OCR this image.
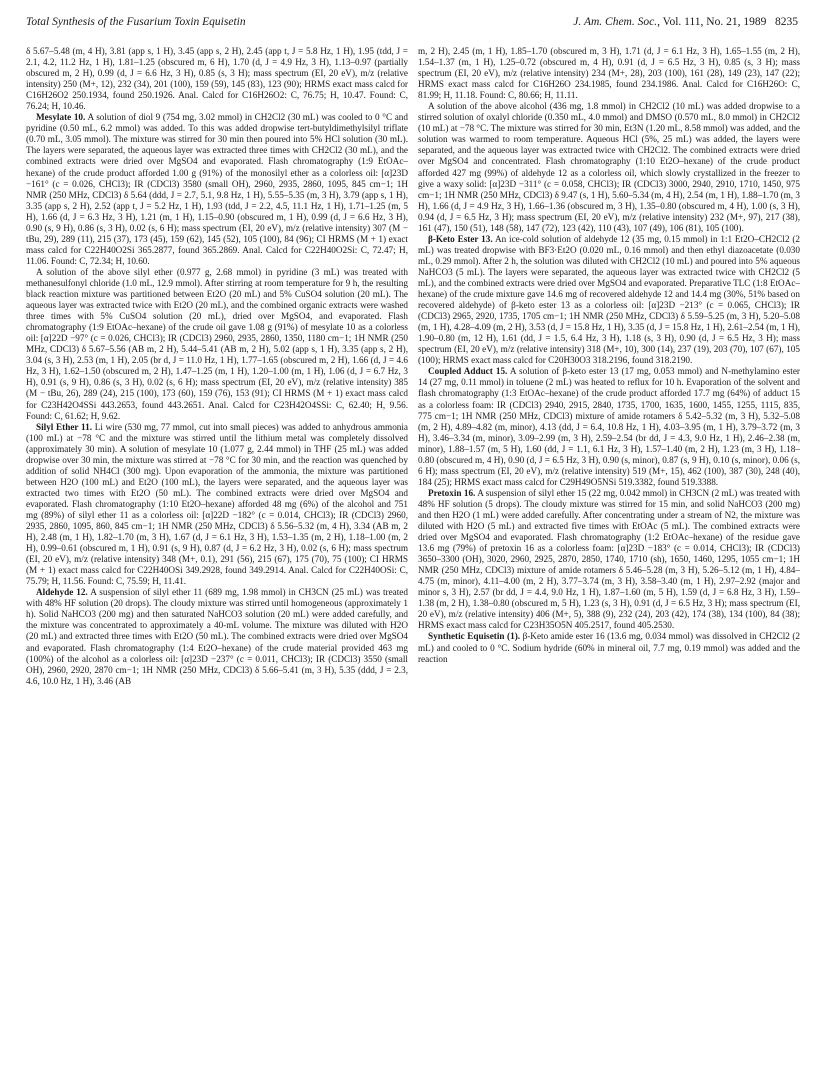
Total Synthesis of the Fusarium Toxin Equisetin	J. Am. Chem. Soc., Vol. 111, No. 21, 1989 8235

δ 5.67–5.48 (m, 4 H), 3.81 (app s, 1 H), 3.45 (app s, 2 H), 2.45 (app t, J = 5.8 Hz, 1 H), 1.95 (tdd, J = 2.1, 4.2, 11.2 Hz, 1 H), 1.81–1.25 (obscured m, 6 H), 1.70 (d, J = 4.9 Hz, 3 H), 1.13–0.97 (partially obscured m, 2 H), 0.99 (d, J = 6.6 Hz, 3 H), 0.85 (s, 3 H); mass spectrum (EI, 20 eV), m/z (relative intensity) 250 (M+, 12), 232 (34), 201 (100), 159 (59), 145 (83), 123 (90); HRMS exact mass calcd for C16H26O2 250.1934, found 250.1926. Anal. Calcd for C16H26O2: C, 76.75; H, 10.47. Found: C, 76.24; H, 10.46.

Mesylate 10. A solution of diol 9 (754 mg, 3.02 mmol) in CH2Cl2 (30 mL) was cooled to 0 °C and pyridine (0.50 mL, 6.2 mmol) was added. To this was added dropwise tert-butyldimethylsilyl triflate (0.70 mL, 3.05 mmol). The mixture was stirred for 30 min then poured into 5% HCl solution (30 mL). The layers were separated, the aqueous layer was extracted three times with CH2Cl2 (30 mL), and the combined extracts were dried over MgSO4 and evaporated. Flash chromatography (1:9 EtOAc–hexane) of the crude product afforded 1.00 g (91%) of the monosilyl ether as a colorless oil: [α]23D −161° (c = 0.026, CHCl3); IR (CDCl3) 3580 (small OH), 2960, 2935, 2860, 1095, 845 cm−1; 1H NMR (250 MHz, CDCl3) δ 5.64 (ddd, J = 2.7, 5.1, 9.8 Hz, 1 H), 5.55–5.35 (m, 3 H), 3.79 (app s, 1 H), 3.35 (app s, 2 H), 2.52 (app t, J = 5.2 Hz, 1 H), 1.93 (tdd, J = 2.2, 4.5, 11.1 Hz, 1 H), 1.71–1.25 (m, 5 H), 1.66 (d, J = 6.3 Hz, 3 H), 1.21 (m, 1 H), 1.15–0.90 (obscured m, 1 H), 0.99 (d, J = 6.6 Hz, 3 H), 0.90 (s, 9 H), 0.86 (s, 3 H), 0.02 (s, 6 H); mass spectrum (EI, 20 eV), m/z (relative intensity) 307 (M − tBu, 29), 289 (11), 215 (37), 173 (45), 159 (62), 145 (52), 105 (100), 84 (96); CI HRMS (M + 1) exact mass calcd for C22H40O2Si 365.2877, found 365.2869. Anal. Calcd for C22H40O2Si: C, 72.47; H, 11.06. Found: C, 72.34; H, 10.60.

A solution of the above silyl ether (0.977 g, 2.68 mmol) in pyridine (3 mL) was treated with methanesulfonyl chloride (1.0 mL, 12.9 mmol). After stirring at room temperature for 9 h, the resulting black reaction mixture was partitioned between Et2O (20 mL) and 5% CuSO4 solution (20 mL). The aqueous layer was extracted twice with Et2O (20 mL), and the combined organic extracts were washed three times with 5% CuSO4 solution (20 mL), dried over MgSO4, and evaporated. Flash chromatography (1:9 EtOAc–hexane) of the crude oil gave 1.08 g (91%) of mesylate 10 as a colorless oil: [α]22D −97° (c = 0.026, CHCl3); IR (CDCl3) 2960, 2935, 2860, 1350, 1180 cm−1; 1H NMR (250 MHz, CDCl3) δ 5.67–5.56 (AB m, 2 H), 5.44–5.41 (AB m, 2 H), 5.02 (app s, 1 H), 3.35 (app s, 2 H), 3.04 (s, 3 H), 2.53 (m, 1 H), 2.05 (br d, J = 11.0 Hz, 1 H), 1.77–1.65 (obscured m, 2 H), 1.66 (d, J = 4.6 Hz, 3 H), 1.62–1.50 (obscured m, 2 H), 1.47–1.25 (m, 1 H), 1.20–1.00 (m, 1 H), 1.06 (d, J = 6.7 Hz, 3 H), 0.91 (s, 9 H), 0.86 (s, 3 H), 0.02 (s, 6 H); mass spectrum (EI, 20 eV), m/z (relative intensity) 385 (M − tBu, 26), 289 (24), 215 (100), 173 (60), 159 (76), 153 (91); CI HRMS (M + 1) exact mass calcd for C23H42O4SSi 443.2653, found 443.2651. Anal. Calcd for C23H42O4SSi: C, 62.40; H, 9.56. Found: C, 61.62; H, 9.62.

Silyl Ether 11. Li wire (530 mg, 77 mmol, cut into small pieces) was added to anhydrous ammonia (100 mL) at −78 °C and the mixture was stirred until the lithium metal was completely dissolved (approximately 30 min). A solution of mesylate 10 (1.077 g, 2.44 mmol) in THF (25 mL) was added dropwise over 30 min, the mixture was stirred at −78 °C for 30 min, and the reaction was quenched by addition of solid NH4Cl (300 mg). Upon evaporation of the ammonia, the mixture was partitioned between H2O (100 mL) and Et2O (100 mL), the layers were separated, and the aqueous layer was extracted two times with Et2O (50 mL). The combined extracts were dried over MgSO4 and evaporated. Flash chromatography (1:10 Et2O–hexane) afforded 48 mg (6%) of the alcohol and 751 mg (89%) of silyl ether 11 as a colorless oil: [α]22D −182° (c = 0.014, CHCl3); IR (CDCl3) 2960, 2935, 2860, 1095, 860, 845 cm−1; 1H NMR (250 MHz, CDCl3) δ 5.56–5.32 (m, 4 H), 3.34 (AB m, 2 H), 2.48 (m, 1 H), 1.82–1.70 (m, 3 H), 1.67 (d, J = 6.1 Hz, 3 H), 1.53–1.35 (m, 2 H), 1.18–1.00 (m, 2 H), 0.99–0.61 (obscured m, 1 H), 0.91 (s, 9 H), 0.87 (d, J = 6.2 Hz, 3 H), 0.02 (s, 6 H); mass spectrum (EI, 20 eV), m/z (relative intensity) 348 (M+, 0.1), 291 (56), 215 (67), 175 (70), 75 (100); CI HRMS (M + 1) exact mass calcd for C22H40OSi 349.2928, found 349.2914. Anal. Calcd for C22H40OSi: C, 75.79; H, 11.56. Found: C, 75.59; H, 11.41.

Aldehyde 12. A suspension of silyl ether 11 (689 mg, 1.98 mmol) in CH3CN (25 mL) was treated with 48% HF solution (20 drops). The cloudy mixture was stirred until homogeneous (approximately 1 h). Solid NaHCO3 (200 mg) and then saturated NaHCO3 solution (20 mL) were added carefully, and the mixture was concentrated to approximately a 40-mL volume. The mixture was diluted with H2O (20 mL) and extracted three times with Et2O (50 mL). The combined extracts were dried over MgSO4 and evaporated. Flash chromatography (1:4 Et2O–hexane) of the crude material provided 463 mg (100%) of the alcohol as a colorless oil: [α]23D −237° (c = 0.011, CHCl3); IR (CDCl3) 3550 (small OH), 2960, 2920, 2870 cm−1; 1H NMR (250 MHz, CDCl3) δ 5.66–5.41 (m, 3 H), 5.35 (ddd, J = 2.3, 4.6, 10.0 Hz, 1 H), 3.46 (AB

m, 2 H), 2.45 (m, 1 H), 1.85–1.70 (obscured m, 3 H), 1.71 (d, J = 6.1 Hz, 3 H), 1.65–1.55 (m, 2 H), 1.54–1.37 (m, 1 H), 1.25–0.72 (obscured m, 4 H), 0.91 (d, J = 6.5 Hz, 3 H), 0.85 (s, 3 H); mass spectrum (EI, 20 eV), m/z (relative intensity) 234 (M+, 28), 203 (100), 161 (28), 149 (23), 147 (22); HRMS exact mass calcd for C16H26O 234.1985, found 234.1986. Anal. Calcd for C16H26O: C, 81.99; H, 11.18. Found: C, 80.66; H, 11.11.

A solution of the above alcohol (436 mg, 1.8 mmol) in CH2Cl2 (10 mL) was added dropwise to a stirred solution of oxalyl chloride (0.350 mL, 4.0 mmol) and DMSO (0.570 mL, 8.0 mmol) in CH2Cl2 (10 mL) at −78 °C. The mixture was stirred for 30 min, Et3N (1.20 mL, 8.58 mmol) was added, and the solution was warmed to room temperature. Aqueous HCl (5%, 25 mL) was added, the layers were separated, and the aqueous layer was extracted twice with CH2Cl2. The combined extracts were dried over MgSO4 and concentrated. Flash chromatography (1:10 Et2O–hexane) of the crude product afforded 427 mg (99%) of aldehyde 12 as a colorless oil, which slowly crystallized in the freezer to give a waxy solid: [α]23D −311° (c = 0.058, CHCl3); IR (CDCl3) 3000, 2940, 2910, 1710, 1450, 975 cm−1; 1H NMR (250 MHz, CDCl3) δ 9.47 (s, 1 H), 5.60–5.34 (m, 4 H), 2.54 (m, 1 H), 1.88–1.70 (m, 3 H), 1.66 (d, J = 4.9 Hz, 3 H), 1.66–1.36 (obscured m, 3 H), 1.35–0.80 (obscured m, 4 H), 1.00 (s, 3 H), 0.94 (d, J = 6.5 Hz, 3 H); mass spectrum (EI, 20 eV), m/z (relative intensity) 232 (M+, 97), 217 (38), 161 (47), 150 (51), 148 (58), 147 (72), 123 (42), 110 (43), 107 (49), 106 (81), 105 (100).

β-Keto Ester 13. An ice-cold solution of aldehyde 12 (35 mg, 0.15 mmol) in 1:1 Et2O–CH2Cl2 (2 mL) was treated dropwise with BF3·Et2O (0.020 mL, 0.16 mmol) and then ethyl diazoacetate (0.030 mL, 0.29 mmol). After 2 h, the solution was diluted with CH2Cl2 (10 mL) and poured into 5% aqueous NaHCO3 (5 mL). The layers were separated, the aqueous layer was extracted twice with CH2Cl2 (5 mL), and the combined extracts were dried over MgSO4 and evaporated. Preparative TLC (1:8 EtOAc–hexane) of the crude mixture gave 14.6 mg of recovered aldehyde 12 and 14.4 mg (30%, 51% based on recovered aldehyde) of β-keto ester 13 as a colorless oil: [α]23D −213° (c = 0.065, CHCl3); IR (CDCl3) 2965, 2920, 1735, 1705 cm−1; 1H NMR (250 MHz, CDCl3) δ 5.59–5.25 (m, 3 H), 5.20–5.08 (m, 1 H), 4.28–4.09 (m, 2 H), 3.53 (d, J = 15.8 Hz, 1 H), 3.35 (d, J = 15.8 Hz, 1 H), 2.61–2.54 (m, 1 H), 1.90–0.80 (m, 12 H), 1.61 (dd, J = 1.5, 6.4 Hz, 3 H), 1.18 (s, 3 H), 0.90 (d, J = 6.5 Hz, 3 H); mass spectrum (EI, 20 eV), m/z (relative intensity) 318 (M+, 10), 300 (14), 237 (19), 203 (70), 107 (67), 105 (100); HRMS exact mass calcd for C20H30O3 318.2196, found 318.2190.

Coupled Adduct 15. A solution of β-keto ester 13 (17 mg, 0.053 mmol) and N-methylamino ester 14 (27 mg, 0.11 mmol) in toluene (2 mL) was heated to reflux for 10 h. Evaporation of the solvent and flash chromatography (1:3 EtOAc–hexane) of the crude product afforded 17.7 mg (64%) of adduct 15 as a colorless foam: IR (CDCl3) 2940, 2915, 2840, 1735, 1700, 1635, 1600, 1455, 1255, 1115, 835, 775 cm−1; 1H NMR (250 MHz, CDCl3) mixture of amide rotamers δ 5.42–5.32 (m, 3 H), 5.32–5.08 (m, 2 H), 4.89–4.82 (m, minor), 4.13 (dd, J = 6.4, 10.8 Hz, 1 H), 4.03–3.95 (m, 1 H), 3.79–3.72 (m, 3 H), 3.46–3.34 (m, minor), 3.09–2.99 (m, 3 H), 2.59–2.54 (br dd, J = 4.3, 9.0 Hz, 1 H), 2.46–2.38 (m, minor), 1.88–1.57 (m, 5 H), 1.60 (dd, J = 1.1, 6.1 Hz, 3 H), 1.57–1.40 (m, 2 H), 1.23 (m, 3 H), 1.18–0.80 (obscured m, 4 H), 0.90 (d, J = 6.5 Hz, 3 H), 0.90 (s, minor), 0.87 (s, 9 H), 0.10 (s, minor), 0.06 (s, 6 H); mass spectrum (EI, 20 eV), m/z (relative intensity) 519 (M+, 15), 462 (100), 387 (30), 248 (40), 184 (25); HRMS exact mass calcd for C29H49O5NSi 519.3382, found 519.3388.

Pretoxin 16. A suspension of silyl ether 15 (22 mg, 0.042 mmol) in CH3CN (2 mL) was treated with 48% HF solution (5 drops). The cloudy mixture was stirred for 15 min, and solid NaHCO3 (200 mg) and then H2O (1 mL) were added carefully. After concentrating under a stream of N2, the mixture was diluted with H2O (5 mL) and extracted five times with EtOAc (5 mL). The combined extracts were dried over MgSO4 and evaporated. Flash chromatography (1:2 EtOAc–hexane) of the residue gave 13.6 mg (79%) of pretoxin 16 as a colorless foam: [α]23D −183° (c = 0.014, CHCl3); IR (CDCl3) 3650–3300 (OH), 3020, 2960, 2925, 2870, 2850, 1740, 1710 (sh), 1650, 1460, 1295, 1055 cm−1; 1H NMR (250 MHz, CDCl3) mixture of amide rotamers δ 5.46–5.28 (m, 3 H), 5.26–5.12 (m, 1 H), 4.84–4.75 (m, minor), 4.11–4.00 (m, 2 H), 3.77–3.74 (m, 3 H), 3.58–3.40 (m, 1 H), 2.97–2.92 (major and minor s, 3 H), 2.57 (br dd, J = 4.4, 9.0 Hz, 1 H), 1.87–1.60 (m, 5 H), 1.59 (d, J = 6.8 Hz, 3 H), 1.59–1.38 (m, 2 H), 1.38–0.80 (obscured m, 5 H), 1.23 (s, 3 H), 0.91 (d, J = 6.5 Hz, 3 H); mass spectrum (EI, 20 eV), m/z (relative intensity) 406 (M+, 5), 388 (9), 232 (24), 203 (42), 174 (38), 134 (100), 84 (38); HRMS exact mass calcd for C23H35O5N 405.2517, found 405.2530.

Synthetic Equisetin (1). β-Keto amide ester 16 (13.6 mg, 0.034 mmol) was dissolved in CH2Cl2 (2 mL) and cooled to 0 °C. Sodium hydride (60% in mineral oil, 7.7 mg, 0.19 mmol) was added and the reaction
